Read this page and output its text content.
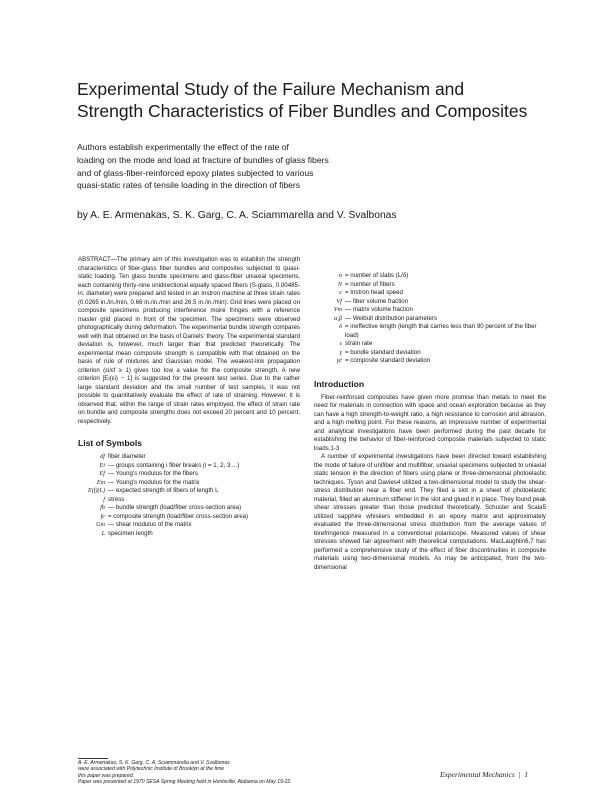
Experimental Study of the Failure Mechanism and
Strength Characteristics of Fiber Bundles and Composites
Authors establish experimentally the effect of the rate of
loading on the mode and load at fracture of bundles of glass fibers
and of glass-fiber-reinforced epoxy plates subjected to various
quasi-static rates of tensile loading in the direction of fibers
by A. E. Armenakas, S. K. Garg, C. A. Sciammarella and V. Svalbonas

ABSTRACT—The primary aim of this investigation was to establish the strength characteristics of fiber-glass fiber bundles and composites subjected to quasi-static loading. Ten glass bundle specimens and glass-fiber uniaxial specimens, each containing thirty-nine unidirectional equally spaced fibers (S-glass, 0.00485-in. diameter) were prepared and tested in an Instron machine at three strain rates (0.0265 in./in./min, 0.66 in./in./min and 26.5 in./in./min). Grid lines were placed on composite specimens producing interference moiré fringes with a reference master grid placed in front of the specimen. The specimens were observed photographically during deformation. The experimental bundle strength compares well with that obtained on the basis of Daniels' theory. The experimental standard deviation is, however, much larger than that predicted theoretically. The experimental mean composite strength is compatible with that obtained on the basis of rule of mixtures and Gaussian model. The weakest-link propagation criterion (εi/εf ≥ 1) gives too low a value for the composite strength. A new criterion [Ei(εi) − 1] is suggested for the present test series. Due to the rather large standard deviation and the small number of test samples, it was not possible to quantitatively evaluate the effect of rate of straining. However, it is observed that, within the range of strain rates employed, the effect of strain rate on bundle and composite strengths does not exceed 20 percent and 10 percent, respectively.

List of Symbols
df fiber diameter
Ei — groups containing i fiber breaks (i = 1, 2, 3 ...)
Ef — Young's modulus for the fibers
Em — Young's modulus for the matrix
E(f)(L) — expected strength of fibers of length L
f stress
fb — bundle strength (load/fiber cross-section area)
fc = composite strength (load/fiber cross-section area)
Gm — shear modulus of the matrix
L specimen length
n = number of slabs (L/δ)
N = number of fibers
c = Instron head speed
Vf — fiber volume fraction
Vm — matrix volume fraction
α,β — Weibull distribution parameters
δ = ineffective length (length that carries less than 90 percent of the fiber load)
ε strain rate
γ = bundle standard deviation
γc = composite standard deviation
Introduction

Fiber-reinforced composites have given more promise than metals to meet the need for materials in connection with space and ocean exploration because as they can have a high strength-to-weight ratio, a high resistance to corrosion and abrasion, and a high melting point. For these reasons, an impressive number of experimental and analytical investigations have been performed during the past decade for establishing the behavior of fiber-reinforced composite materials subjected to static loads.1-3

A number of experimental investigations have been directed toward establishing the mode of failure of unifiber and multifiber, uniaxial specimens subjected to uniaxial static tension in the direction of fibers using plane or three-dimensional photoelastic techniques. Tyson and Davies4 utilized a two-dimensional model to study the shear-stress distribution near a fiber end. They filed a slot in a sheet of photoelastic material, filled an aluminum stiffener in the slot and glued it in place. They found peak shear stresses greater than those predicted theoretically. Schuster and Scala5 utilized sapphire whiskers embedded in an epoxy matrix and approximately evaluated the three-dimensional stress distribution from the average values of birefringence measured in a conventional polariscope. Measured values of shear stresses showed fair agreement with theoretical computations. MacLaughlin6,7 has performed a comprehensive study of the effect of fiber discontinuities in composite materials using two-dimensional models. As may be anticipated, from the two-dimensional

A. E. Armenakas, S. K. Garg, C. A. Sciammarella and V. Svalbonas
were associated with Polytechnic Institute of Brooklyn at the time
this paper was prepared.
Paper was presented at 1970 SESA Spring Meeting held in Huntsville, Alabama on May 19-22.
Experimental Mechanics | 1
